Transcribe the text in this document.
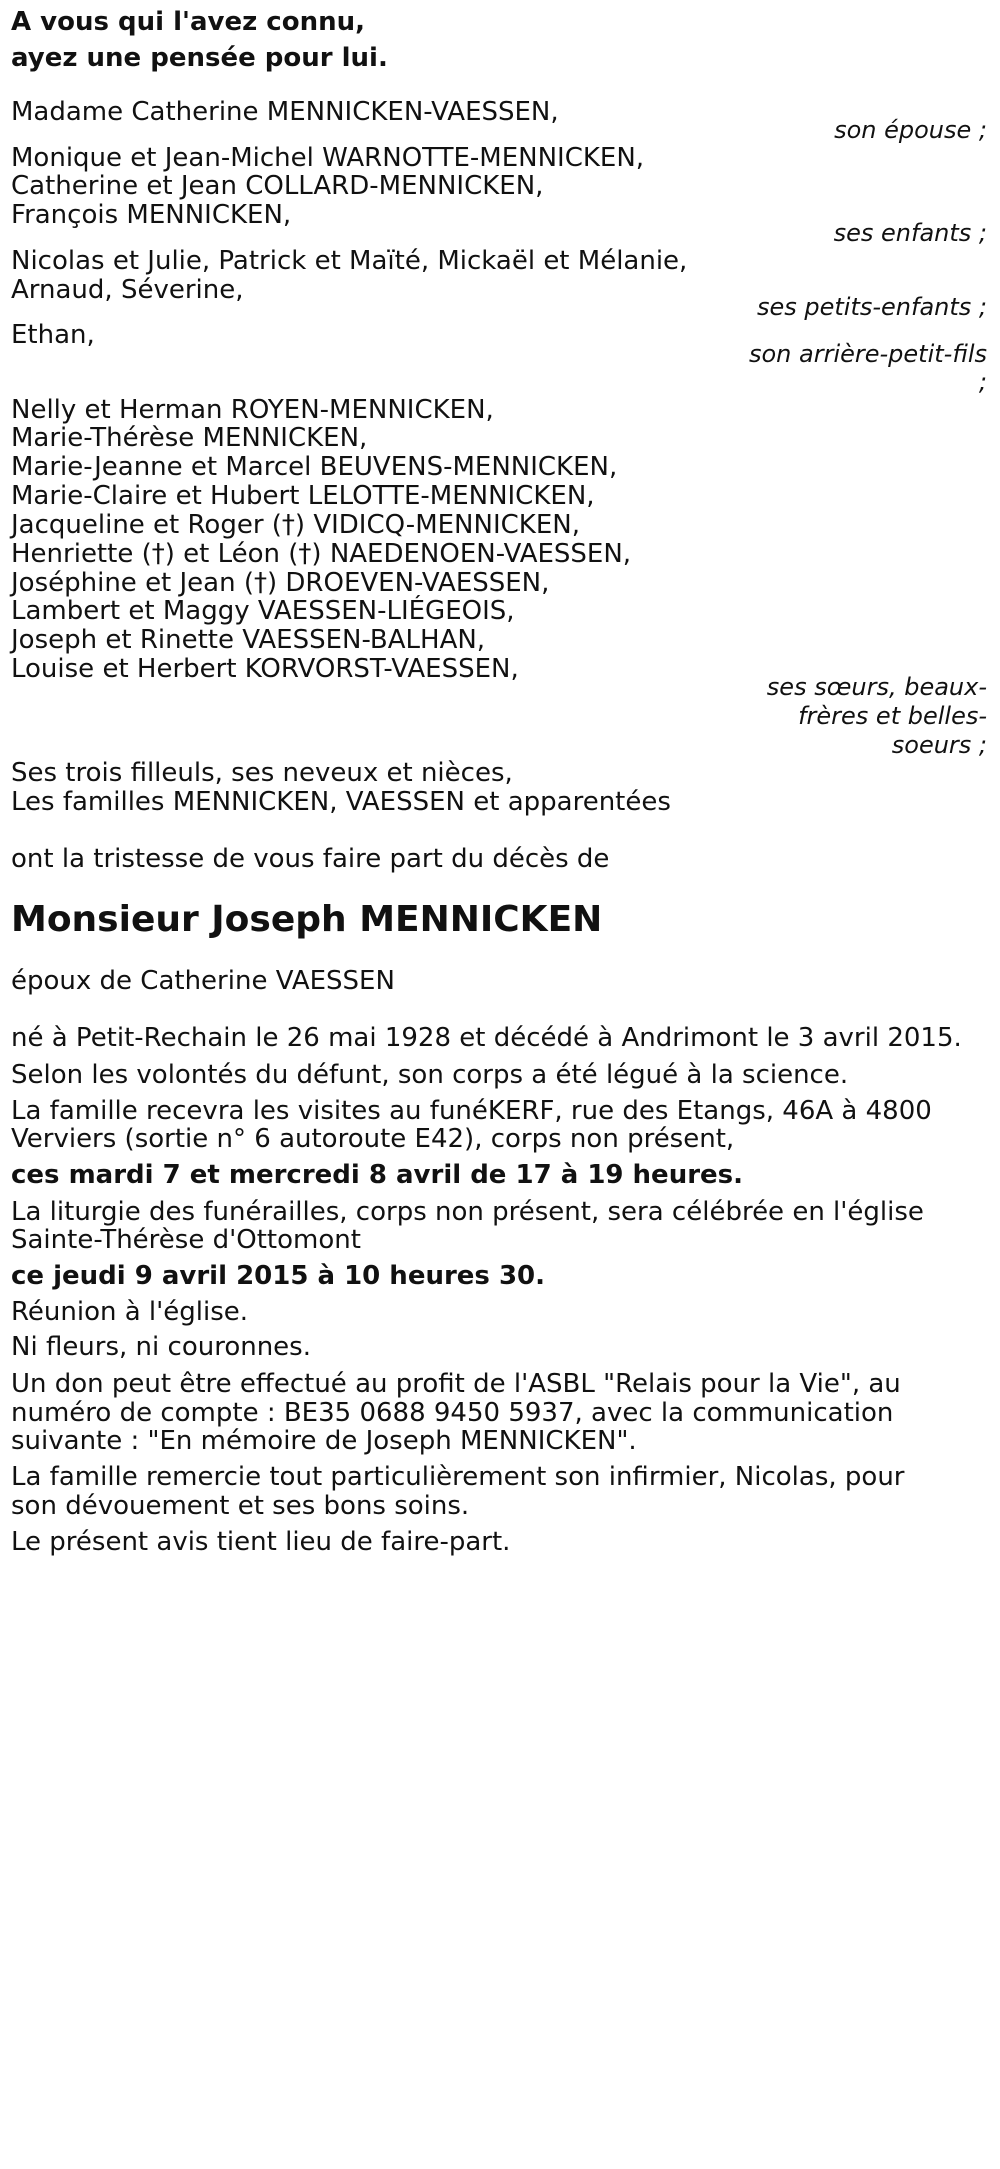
A vous qui l'avez connu,
ayez une pensée pour lui.
Madame Catherine MENNICKEN-VAESSEN,
son épouse ;
Monique et Jean-Michel WARNOTTE-MENNICKEN,
Catherine et Jean COLLARD-MENNICKEN,
François MENNICKEN,
ses enfants ;
Nicolas et Julie, Patrick et Maïté, Mickaël et Mélanie,
Arnaud, Séverine,
ses petits-enfants ;
Ethan,
son arrière-petit-fils
;
Nelly et Herman ROYEN-MENNICKEN,
Marie-Thérèse MENNICKEN,
Marie-Jeanne et Marcel BEUVENS-MENNICKEN,
Marie-Claire et Hubert LELOTTE-MENNICKEN,
Jacqueline et Roger (†) VIDICQ-MENNICKEN,
Henriette (†) et Léon (†) NAEDENOEN-VAESSEN,
Joséphine et Jean (†) DROEVEN-VAESSEN,
Lambert et Maggy VAESSEN-LIÉGEOIS,
Joseph et Rinette VAESSEN-BALHAN,
Louise et Herbert KORVORST-VAESSEN,
ses sœurs, beaux-
frères et belles-
soeurs ;
Ses trois filleuls, ses neveux et nièces,
Les familles MENNICKEN, VAESSEN et apparentées
ont la tristesse de vous faire part du décès de
Monsieur Joseph MENNICKEN
époux de Catherine VAESSEN
né à Petit-Rechain le 26 mai 1928 et décédé à Andrimont le 3 avril 2015.
Selon les volontés du défunt, son corps a été légué à la science.
La famille recevra les visites au funéKERF, rue des Etangs, 46A à 4800
Verviers (sortie n° 6 autoroute E42), corps non présent,
ces mardi 7 et mercredi 8 avril de 17 à 19 heures.
La liturgie des funérailles, corps non présent, sera célébrée en l'église
Sainte-Thérèse d'Ottomont
ce jeudi 9 avril 2015 à 10 heures 30.
Réunion à l'église.
Ni fleurs, ni couronnes.
Un don peut être effectué au profit de l'ASBL "Relais pour la Vie", au
numéro de compte : BE35 0688 9450 5937, avec la communication
suivante : "En mémoire de Joseph MENNICKEN".
La famille remercie tout particulièrement son infirmier, Nicolas, pour
son dévouement et ses bons soins.
Le présent avis tient lieu de faire-part.
